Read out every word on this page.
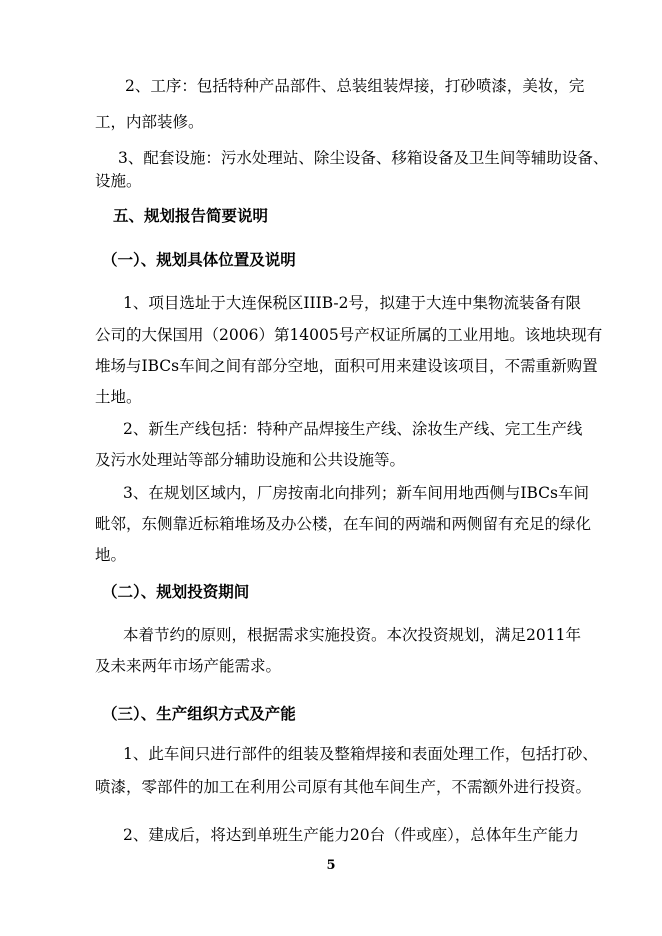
2、工序：包括特种产品部件、总装组装焊接，打砂喷漆，美妆，完
工，内部装修。
3、配套设施：污水处理站、除尘设备、移箱设备及卫生间等辅助设备、
设施。
五、规划报告简要说明
（一）、规划具体位置及说明
1、项目选址于大连保税区IIIB-2号，拟建于大连中集物流装备有限
公司的大保国用（2006）第14005号产权证所属的工业用地。该地块现有
堆场与IBCs车间之间有部分空地，面积可用来建设该项目，不需重新购置
土地。
2、新生产线包括：特种产品焊接生产线、涂妆生产线、完工生产线
及污水处理站等部分辅助设施和公共设施等。
3、在规划区域内，厂房按南北向排列；新车间用地西侧与IBCs车间
毗邻，东侧靠近标箱堆场及办公楼，在车间的两端和两侧留有充足的绿化
地。
（二）、规划投资期间
本着节约的原则，根据需求实施投资。本次投资规划，满足2011年
及未来两年市场产能需求。
（三）、生产组织方式及产能
1、此车间只进行部件的组装及整箱焊接和表面处理工作，包括打砂、
喷漆，零部件的加工在利用公司原有其他车间生产，不需额外进行投资。
2、建成后，将达到单班生产能力20台（件或座），总体年生产能力
5
